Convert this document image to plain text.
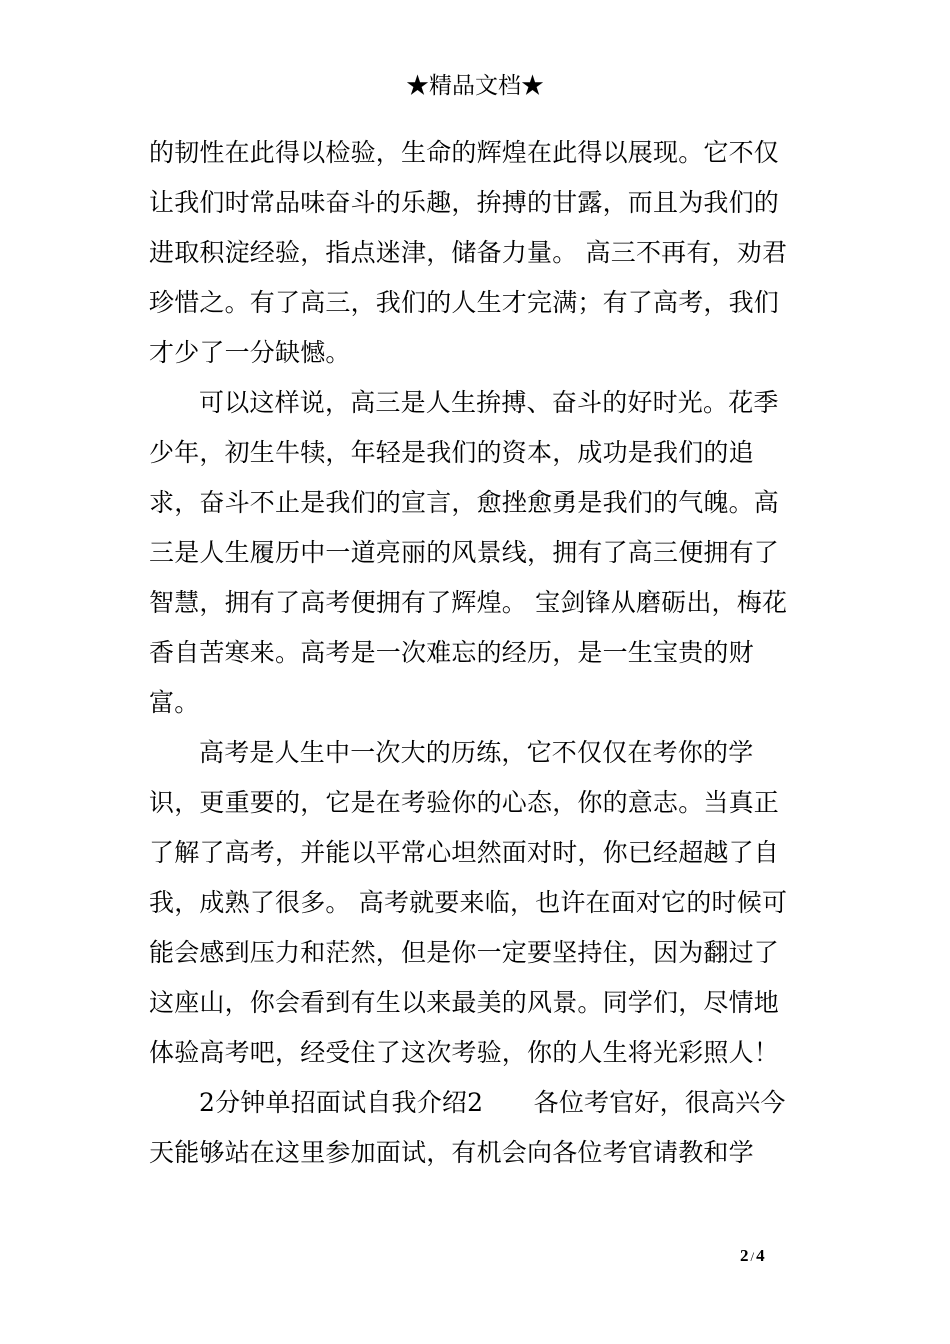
★精品文档★
的韧性在此得以检验，生命的辉煌在此得以展现。它不仅
让我们时常品味奋斗的乐趣，拚搏的甘露，而且为我们的
进取积淀经验，指点迷津，储备力量。 高三不再有，劝君
珍惜之。有了高三，我们的人生才完满；有了高考，我们
才少了一分缺憾。
可以这样说，高三是人生拚搏、奋斗的好时光。花季
少年，初生牛犊，年轻是我们的资本，成功是我们的追
求，奋斗不止是我们的宣言，愈挫愈勇是我们的气魄。高
三是人生履历中一道亮丽的风景线，拥有了高三便拥有了
智慧，拥有了高考便拥有了辉煌。 宝剑锋从磨砺出，梅花
香自苦寒来。高考是一次难忘的经历，是一生宝贵的财
富。
高考是人生中一次大的历练，它不仅仅在考你的学
识，更重要的，它是在考验你的心态，你的意志。当真正
了解了高考，并能以平常心坦然面对时，你已经超越了自
我，成熟了很多。 高考就要来临，也许在面对它的时候可
能会感到压力和茫然，但是你一定要坚持住，因为翻过了
这座山，你会看到有生以来最美的风景。同学们，尽情地
体验高考吧，经受住了这次考验，你的人生将光彩照人！
2分钟单招面试自我介绍2　　各位考官好，很高兴今
天能够站在这里参加面试，有机会向各位考官请教和学
2 / 4
